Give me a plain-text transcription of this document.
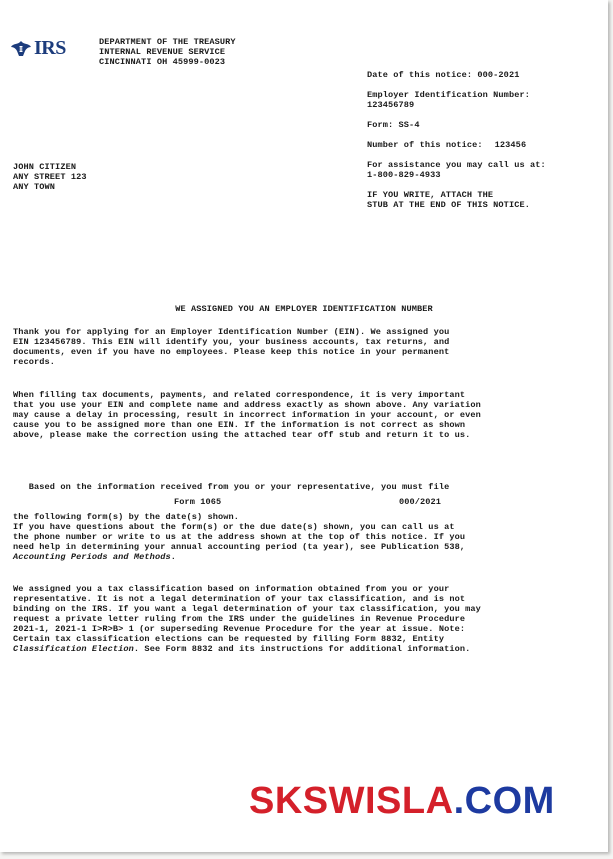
IRS	DEPARTMENT OF THE TREASURY
INTERNAL REVENUE SERVICE
CINCINNATI OH 45999-0023
Date of this notice: 000-2021
Employer Identification Number:
123456789
Form: SS-4
Number of this notice: 123456
For assistance you may call us at:
1-800-829-4933
IF YOU WRITE, ATTACH THE
STUB AT THE END OF THIS NOTICE.
JOHN CITIZEN
ANY STREET 123
ANY TOWN
WE ASSIGNED YOU AN EMPLOYER IDENTIFICATION NUMBER
Thank you for applying for an Employer Identification Number (EIN). We assigned you
EIN 123456789. This EIN will identify you, your business accounts, tax returns, and
documents, even if you have no employees. Please keep this notice in your permanent
records.
When filling tax documents, payments, and related correspondence, it is very important
that you use your EIN and complete name and address exactly as shown above. Any variation
may cause a delay in processing, result in incorrect information in your account, or even
cause you to be assigned more than one EIN. If the information is not correct as shown
above, please make the correction using the attached tear off stub and return it to us.

Based on the information received from you or your representative, you must file

the following form(s) by the date(s) shown.

Form 1065	000/2021
If you have questions about the form(s) or the due date(s) shown, you can call us at
the phone number or write to us at the address shown at the top of this notice. If you
need help in determining your annual accounting period (ta year), see Publication 538,
Accounting Periods and Methods.
We assigned you a tax classification based on information obtained from you or your
representative. It is not a legal determination of your tax classification, and is not
binding on the IRS. If you want a legal determination of your tax classification, you may
request a private letter ruling from the IRS under the guidelines in Revenue Procedure
2021-1, 2021-1 I>R>B> 1 (or superseding Revenue Procedure for the year at issue. Note:
Certain tax classification elections can be requested by filling Form 8832, Entity
Classification Election. See Form 8832 and its instructions for additional information.
SKSWISLA.COM
